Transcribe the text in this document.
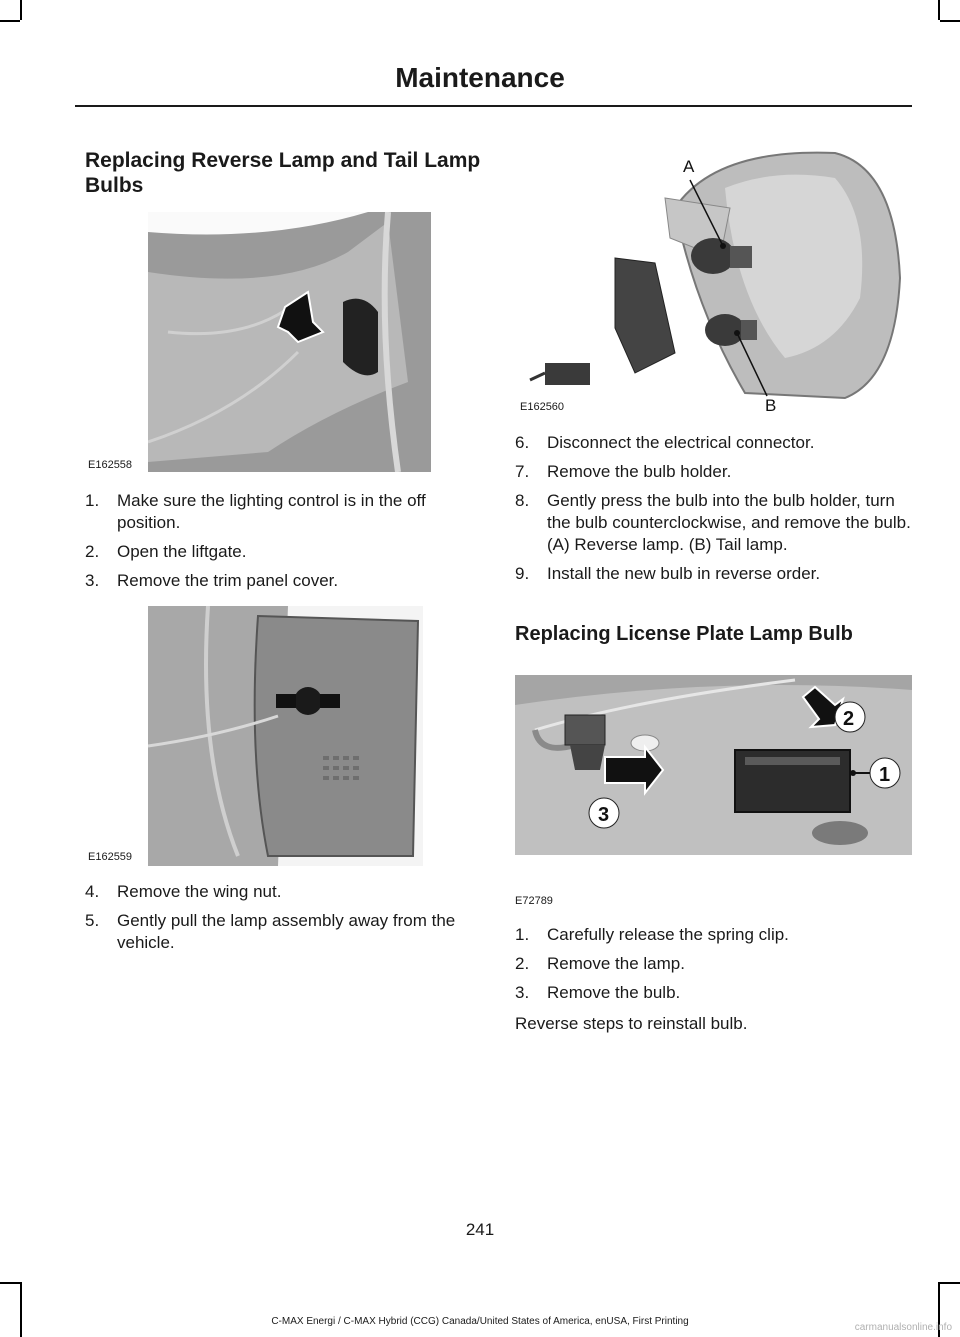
Maintenance
Replacing Reverse Lamp and Tail Lamp Bulbs
E162558
1. Make sure the lighting control is in the off position.
2. Open the liftgate.
3. Remove the trim panel cover.
E162559
4. Remove the wing nut.
5. Gently pull the lamp assembly away from the vehicle.
A
B
E162560
6. Disconnect the electrical connector.
7. Remove the bulb holder.
8. Gently press the bulb into the bulb holder, turn the bulb counterclockwise, and remove the bulb. (A) Reverse lamp. (B) Tail lamp.
9. Install the new bulb in reverse order.
Replacing License Plate Lamp Bulb
2
1
3
E72789
1. Carefully release the spring clip.
2. Remove the lamp.
3. Remove the bulb.

Reverse steps to reinstall bulb.

241
C-MAX Energi / C-MAX Hybrid (CCG) Canada/United States of America, enUSA, First Printing
carmanualsonline.info
